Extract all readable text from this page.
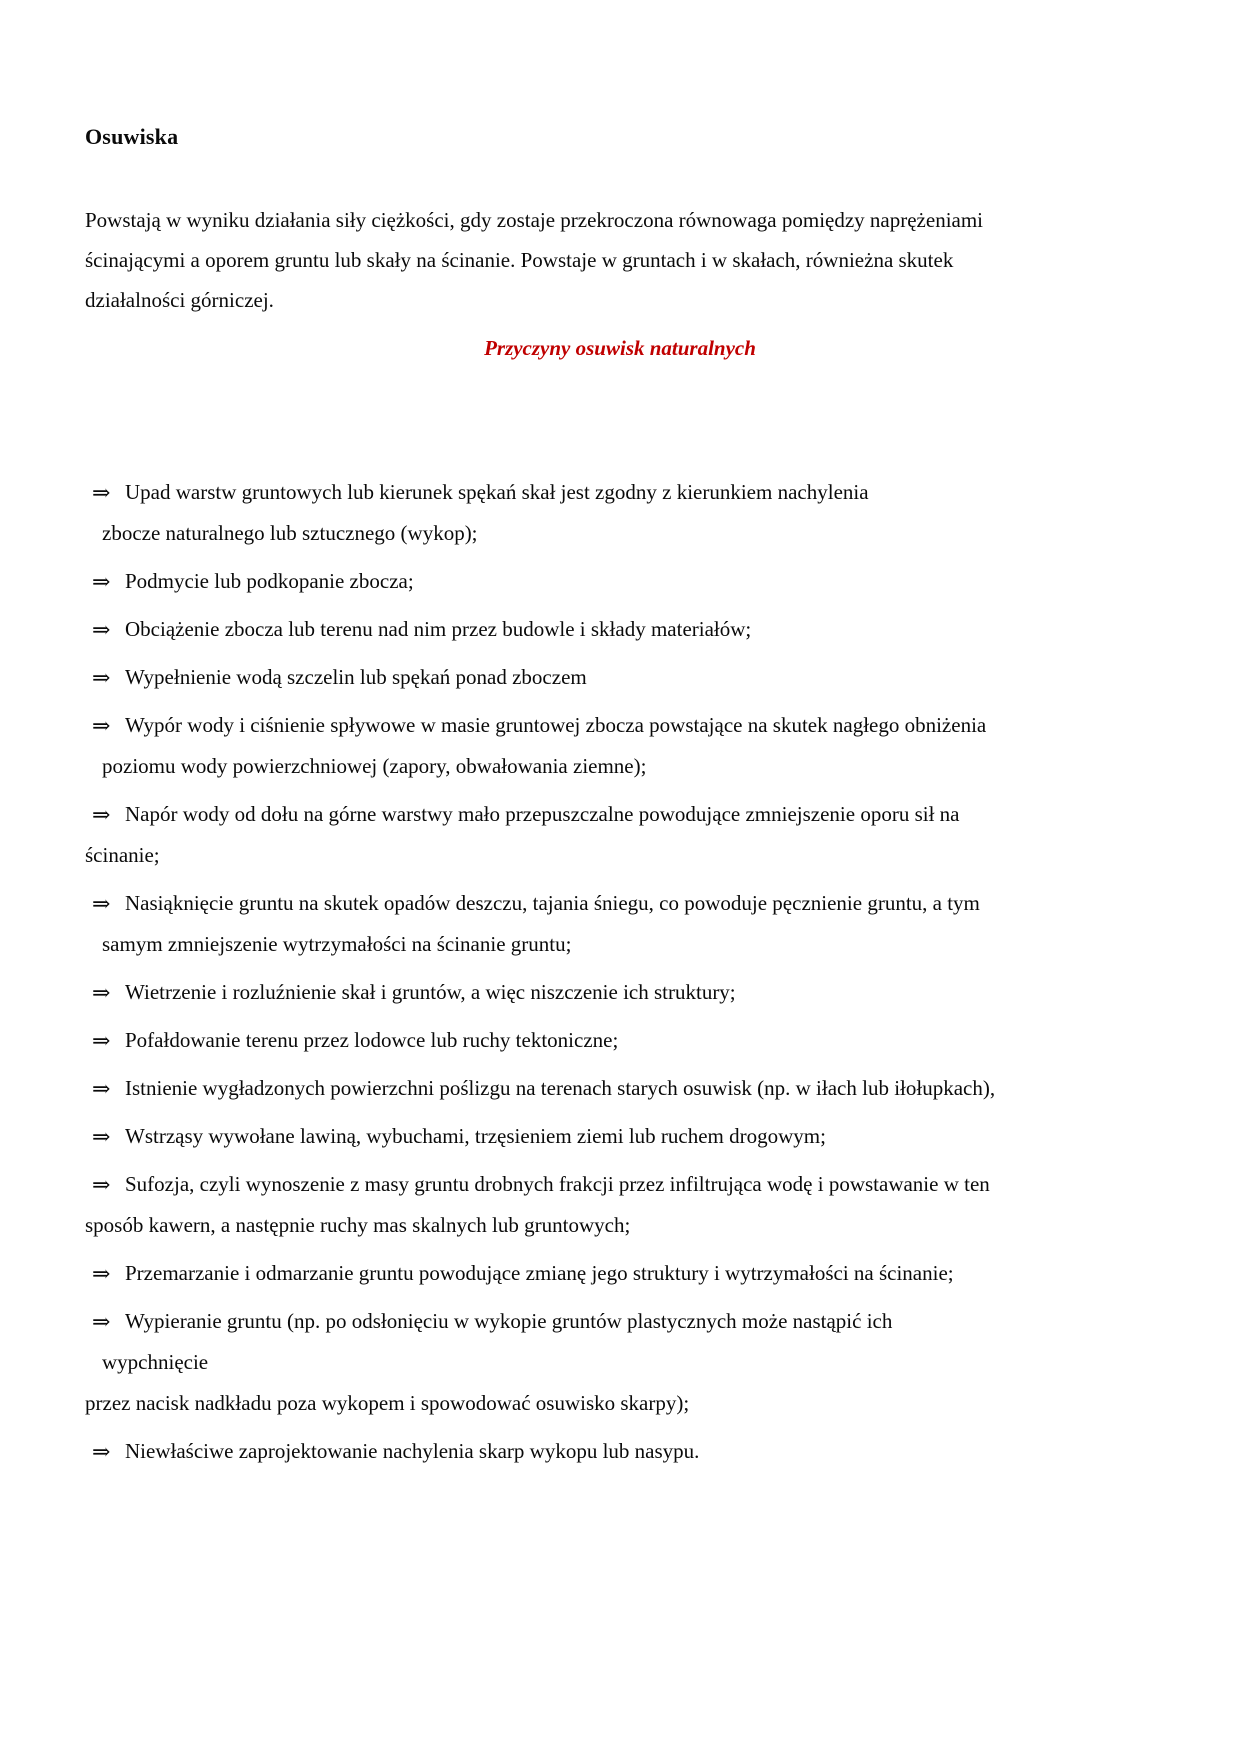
Osuwiska
Powstają w wyniku działania siły ciężkości, gdy zostaje przekroczona równowaga pomiędzy naprężeniami
ścinającymi a oporem gruntu lub skały na ścinanie. Powstaje w gruntach i w skałach, równieżna skutek
działalności górniczej.
Przyczyny osuwisk naturalnych
⇒ Upad warstw gruntowych lub kierunek spękań skał jest zgodny z kierunkiem nachylenia
zbocze naturalnego lub sztucznego (wykop);
⇒ Podmycie lub podkopanie zbocza;
⇒ Obciążenie zbocza lub terenu nad nim przez budowle i składy materiałów;
⇒ Wypełnienie wodą szczelin lub spękań ponad zboczem
⇒ Wypór wody i ciśnienie spływowe w masie gruntowej zbocza powstające na skutek nagłego obniżenia
poziomu wody powierzchniowej (zapory, obwałowania ziemne);
⇒ Napór wody od dołu na górne warstwy mało przepuszczalne powodujące zmniejszenie oporu sił na
ścinanie;
⇒ Nasiąknięcie gruntu na skutek opadów deszczu, tajania śniegu, co powoduje pęcznienie gruntu, a tym
samym zmniejszenie wytrzymałości na ścinanie gruntu;
⇒ Wietrzenie i rozluźnienie skał i gruntów, a więc niszczenie ich struktury;
⇒ Pofałdowanie terenu przez lodowce lub ruchy tektoniczne;
⇒ Istnienie wygładzonych powierzchni poślizgu na terenach starych osuwisk (np. w iłach lub iłołupkach),
⇒ Wstrząsy wywołane lawiną, wybuchami, trzęsieniem ziemi lub ruchem drogowym;
⇒ Sufozja, czyli wynoszenie z masy gruntu drobnych frakcji przez infiltrująca wodę i powstawanie w ten
sposób kawern, a następnie ruchy mas skalnych lub gruntowych;
⇒ Przemarzanie i odmarzanie gruntu powodujące zmianę jego struktury i wytrzymałości na ścinanie;
⇒ Wypieranie gruntu (np. po odsłonięciu w wykopie gruntów plastycznych może nastąpić ich
wypchnięcie
przez nacisk nadkładu poza wykopem i spowodować osuwisko skarpy);
⇒ Niewłaściwe zaprojektowanie nachylenia skarp wykopu lub nasypu.
